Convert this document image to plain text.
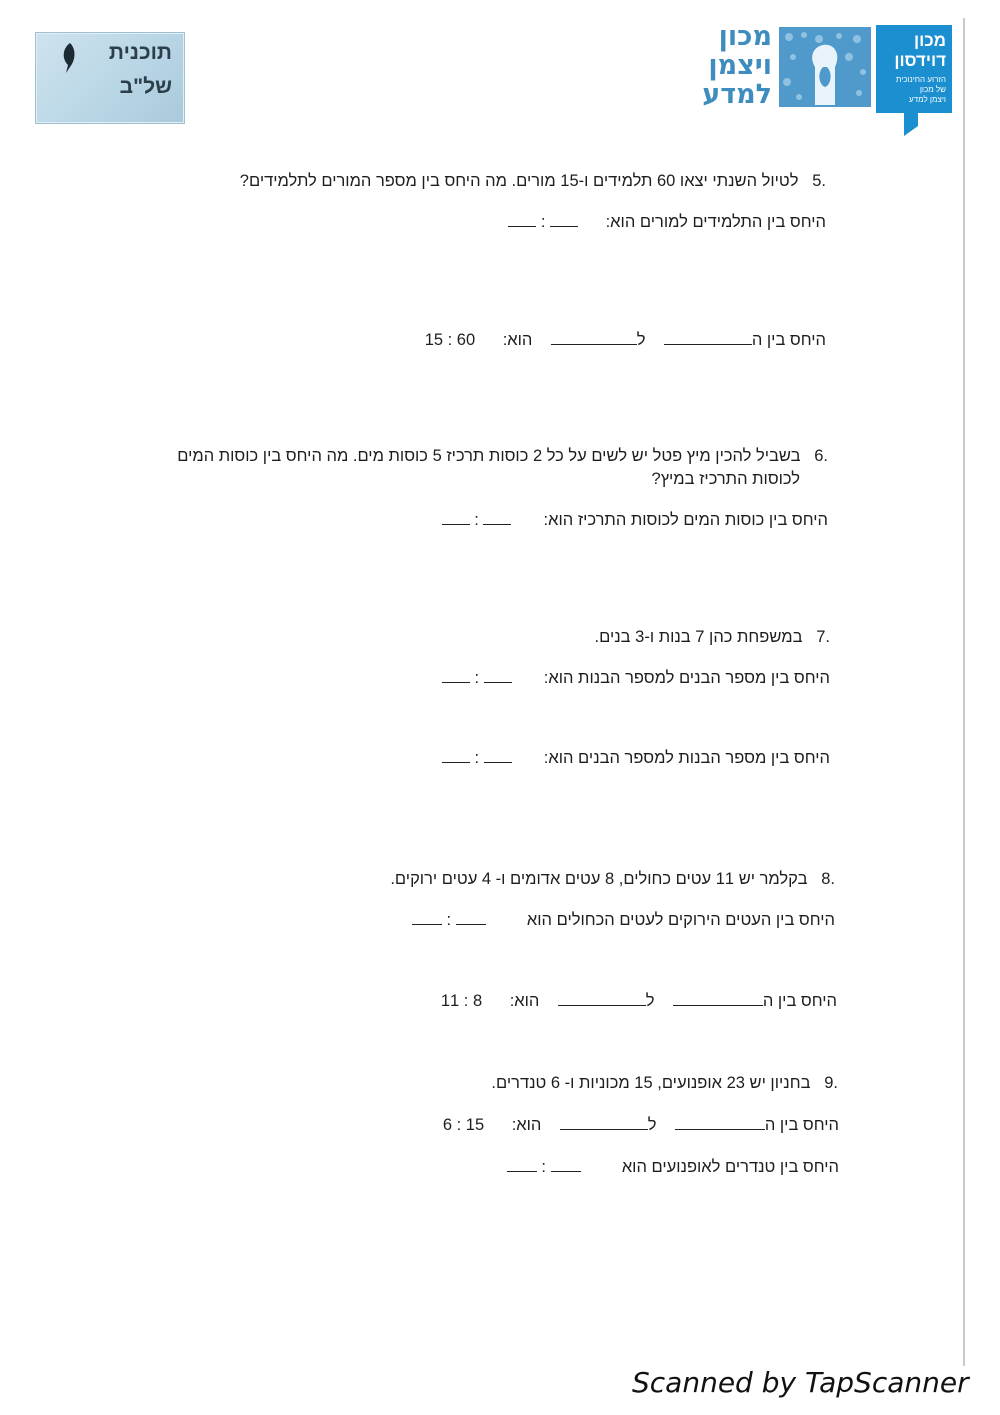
תוכנית
של"ב
מכון
ויצמן
למדע
מכון
דוידסון
הזרוע החינוכית
של מכון
ויצמן למדע
.5   לטיול השנתי יצאו 60 תלמידים ו-15 מורים. מה היחס בין מספר המורים לתלמידים?
היחס בין התלמידים למורים הוא:       :
היחס בין ה    ל    הוא:      15 : 60
.6   בשביל להכין מיץ פטל יש לשים על כל 2 כוסות תרכיז 5 כוסות מים. מה היחס בין כוסות המים
לכוסות התרכיז במיץ?
היחס בין כוסות המים לכוסות התרכיז הוא:        :
.7   במשפחת כהן 7 בנות ו-3 בנים.
היחס בין מספר הבנים למספר הבנות הוא:        :
היחס בין מספר הבנות למספר הבנים הוא:        :
.8   בקלמר יש 11 עטים כחולים, 8 עטים אדומים ו- 4 עטים ירוקים.
היחס בין העטים הירוקים לעטים הכחולים הוא          :
היחס בין ה    ל    הוא:      11 : 8
.9   בחניון יש 23 אופנועים, 15 מכוניות ו- 6 טנדרים.
היחס בין ה    ל    הוא:      6 : 15
היחס בין טנדרים לאופנועים הוא          :
Scanned by TapScanner
